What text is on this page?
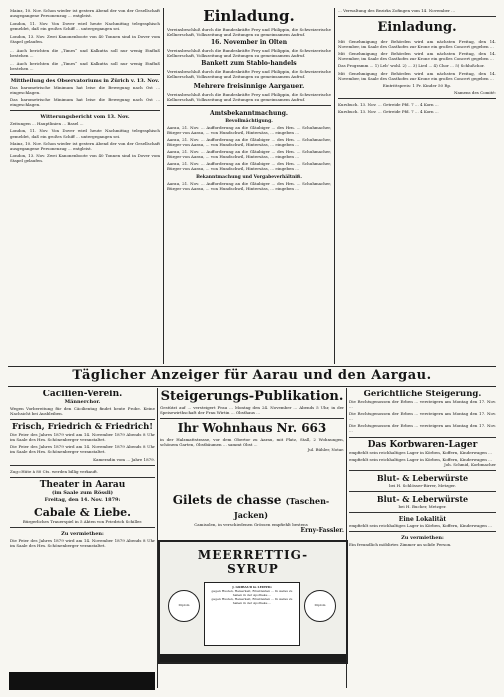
Mainz, 10. Nov. Schon wieder ist gestern Abend der von der Gesellschaft ausgegangene Personenzug ... entgleist.

London, 11. Nov. Von Dover wird heute Nachmittag telegraphisch gemeldet, daß ein großes Schiff ... untergegangen sei.

London, 13. Nov. Zwei Kanonenboote von 40 Tonnen sind in Dover vom Stapel gelaufen.

... Auch berichten die „Times“ und Kalkutta soll nur wenig Einfluß bestehen ...

... Auch berichten die „Times“ und Kalkutta soll nur wenig Einfluß bestehen ...

Mittheilung des Observatoriums in Zürich v. 13. Nov.

Das barometrische Minimum hat leise die Bewegung nach Ost ... eingeschlagen.

Das barometrische Minimum hat leise die Bewegung nach Ost ... eingeschlagen.

Witterungsbericht vom 13. Nov.

Zeitungen ... Hauptlinien ... Basel ...

London, 11. Nov. Von Dover wird heute Nachmittag telegraphisch gemeldet, daß ein großes Schiff ... untergegangen sei.

Mainz, 10. Nov. Schon wieder ist gestern Abend der von der Gesellschaft ausgegangene Personenzug ... entgleist.

London, 13. Nov. Zwei Kanonenboote von 40 Tonnen sind in Dover vom Stapel gelaufen.

Einladung.

Vereinsbeschluß durch die Bundeskräfte Frey und Philippin, die Schweizerische Kellnerschaft, Volkszeitung und Zeitungen zu gemeinsamem Aufruf.

16. November in Olten

Vereinsbeschluß durch die Bundeskräfte Frey und Philippin, die Schweizerische Kellnerschaft, Volkszeitung und Zeitungen zu gemeinsamem Aufruf.

Bankett zum Stablo-handels

Vereinsbeschluß durch die Bundeskräfte Frey und Philippin, die Schweizerische Kellnerschaft, Volkszeitung und Zeitungen zu gemeinsamem Aufruf.

Mehrere freisinnige Aargauer.

Vereinsbeschluß durch die Bundeskräfte Frey und Philippin, die Schweizerische Kellnerschaft, Volkszeitung und Zeitungen zu gemeinsamem Aufruf.

Amtsbekanntmachung.

Bevollmächtigung.

Aarau, 21. Nov. ... Aufforderung an die Gläubiger ... des Hrn. ... Schuhmacher, Bürger von Aarau, ... von Hundschwil, Hintersäss, ... eingeben ...

Aarau, 21. Nov. ... Aufforderung an die Gläubiger ... des Hrn. ... Schuhmacher, Bürger von Aarau, ... von Hundschwil, Hintersäss, ... eingeben ...

Aarau, 21. Nov. ... Aufforderung an die Gläubiger ... des Hrn. ... Schuhmacher, Bürger von Aarau, ... von Hundschwil, Hintersäss, ... eingeben ...

Aarau, 21. Nov. ... Aufforderung an die Gläubiger ... des Hrn. ... Schuhmacher, Bürger von Aarau, ... von Hundschwil, Hintersäss, ... eingeben ...

Bekanntmachung und Vorgabeverhältniß.

Aarau, 21. Nov. ... Aufforderung an die Gläubiger ... des Hrn. ... Schuhmacher, Bürger von Aarau, ... von Hundschwil, Hintersäss, ... eingeben ...

... Verwaltung des Bezirks Zofingen vom 14. November ...

Einladung.

Mit Genehmigung der Behörden wird am nächsten Freitag, den 14. November, im Saale des Gasthofes zur Krone ein großes Concert gegeben ...

Mit Genehmigung der Behörden wird am nächsten Freitag, den 14. November, im Saale des Gasthofes zur Krone ein großes Concert gegeben ...

Das Programm ... 1) Leb’ wohl. 2) ... 3) Lied ... 4) Chor ... 5) Schlußchor.

Mit Genehmigung der Behörden wird am nächsten Freitag, den 14. November, im Saale des Gasthofes zur Krone ein großes Concert gegeben ...

Eintrittspreis: 1 Fr. Kinder 50 Rp.

Namens des Comité:

Kursbuch. 13. Nov. ... Getreide Pfd. 7 ... 4 Korn ...

Kursbuch. 13. Nov. ... Getreide Pfd. 7 ... 4 Korn ...

Täglicher Anzeiger für Aarau und den Aargau.

Cäcilien-Verein.

Männerchor.

Wegen Vorbereitung für den Cäcilientag findet heute Probe. Keine Nachsicht bei Ausbleiben.

Frisch, Friedrich & Friedrich!

Die Feier des Jahres 1879 wird am 14. November 1879 Abends 8 Uhr im Saale des Hrn. Schönenberger veranstaltet.

Die Feier des Jahres 1879 wird am 14. November 1879 Abends 8 Uhr im Saale des Hrn. Schönenberger veranstaltet.

Kameradin vom ... Jahre 1879.

Zug=Hüte à 80 Cts. werden billig verkauft.

Theater in Aarau

(im Saale zum Rössli)

Freitag, den 14. Nov. 1879:

Cabale & Liebe.

Bürgerliches Trauerspiel in 5 Akten von Friedrich Schiller.

Zu vermiethen:

Die Feier des Jahres 1879 wird am 14. November 1879 Abends 8 Uhr im Saale des Hrn. Schönenberger veranstaltet.

Steigerungs-Publikation.

Gestützt auf ... versteigert Frau ... Montag den 24. November ... Abends 5 Uhr, in der Speisewirthschaft der Frau Wirtin ... Obsthaus ...

Ihr Wohnhaus Nr. 663

in der Halzmattstrasse, vor dem Obertor zu Aarau, mit Platz, Stall, 2 Wohnungen, schönem Garten, Obstbäumen ... sammt Obst ...

Jul. Bühler, Notar.

Gilets de chasse (Taschen-Jacken)

Camisolen, in verschiedenen Grössen empfiehlt bestens

Erny-Fassler.

MEERRETTIG-SYRUP
Diplom	Diplom
J. GRIBAUD in LEIPZIG
gegen Husten, Heiserkeit, Brustleiden ... In Aarau zu haben in der Apotheke ...
gegen Husten, Heiserkeit, Brustleiden ... In Aarau zu haben in der Apotheke ...

Gerichtliche Steigerung.

Die Rechtsgenossen der Erben ... versteigern am Montag den 17. Nov. ...

Die Rechtsgenossen der Erben ... versteigern am Montag den 17. Nov. ...

Die Rechtsgenossen der Erben ... versteigern am Montag den 17. Nov. ...

Das Korbwaren-Lager

empfiehlt sein reichhaltiges Lager in Körben, Koffern, Kinderwagen ...

empfiehlt sein reichhaltiges Lager in Körben, Koffern, Kinderwagen ...

Joh. Schmid, Korbmacher

Blut- & Leberwürste

bei H. Schlösser-Birrer, Metzger.

Blut- & Leberwürste

bei H. Bucher, Metzger.

Eine Lokalität

empfiehlt sein reichhaltiges Lager in Körben, Koffern, Kinderwagen ...

Zu vermiethen:

Ein freundlich möblirtes Zimmer an solide Person.
